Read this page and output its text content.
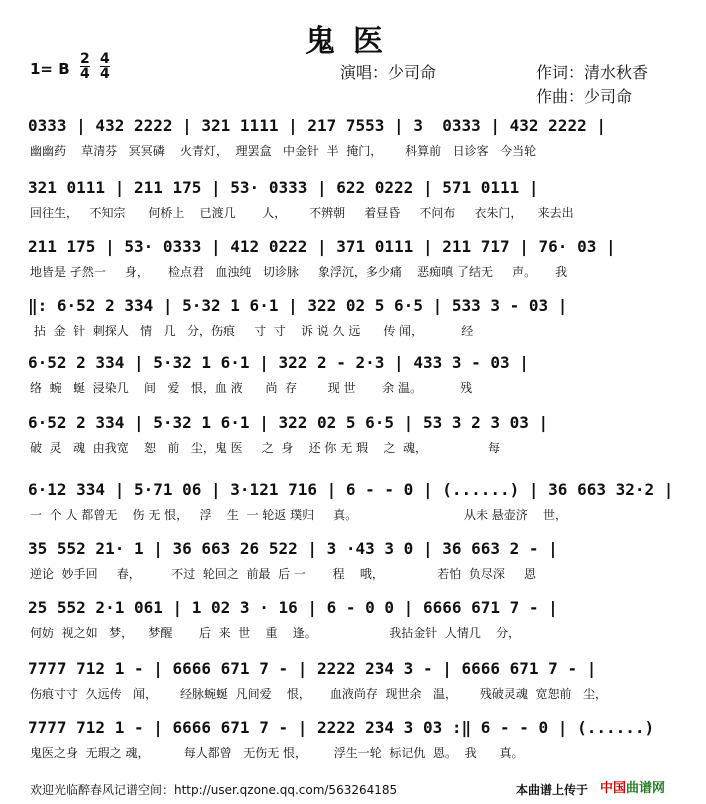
鬼医
1= B $\frac{2}{4} \frac{4}{4}$	演唱：少司命	作词：清水秋香
作曲：少司命
0333 | 432 2222 | 321 1111 | 217 7553 | 3  0333 | 432 2222 |
幽幽药    草清芬   冥冥磷    火青灯，  理罢盒   中金针  半  掩门，      科算前   日诊客   今当轮
321 0111 | 211 175 | 53· 0333 | 622 0222 | 571 0111 |
回往生，   不知宗      何桥上    已渡几       人，      不辨朝     着昼昏     不问布     衣朱门，    来去出
211 175 | 53· 0333 | 412 0222 | 371 0111 | 211 717 | 76· 03 |
地皆是 孑然一     身，     检点君   血浊纯   切诊脉     象浮沉，多少痛    恶痴嗔 了结无     声。     我
‖: 6·52 2 334 | 5·32 1 6·1 | 322 02 5 6·5 | 533 3 - 03 |
拈  金  针  刺探人   情   几   分，伤痕     寸  寸    诉 说 久 远      传 闻，          经
6·52 2 334 | 5·32 1 6·1 | 322 2 - 2·3 | 433 3 - 03 |
络  蜿   蜒  浸染几    间   爱   恨，血 液      尚  存        现 世       余 温。          残
6·52 2 334 | 5·32 1 6·1 | 322 02 5 6·5 | 53 3 2 3 03 |
破  灵   魂  由我宽    恕   前   尘，鬼 医     之  身    还 你 无 瑕    之  魂，                每
6·12 334 | 5·71 06 | 3·121 716 | 6 - - 0 | (......) | 36 663 32·2 |
一  个 人 都曾无    伤 无 恨，   浮    生  一 轮返 璞归     真。                            从未 悬壶济    世，
35 552 21· 1 | 36 663 26 522 | 3 ·43 3 0 | 36 663 2 - |
逆论  妙手回     春，        不过  轮回之  前最  后 一       程    哦，              若怕  负尽深     恩
25 552 2·1 061 | 1 02 3 · 16 | 6 - 0 0 | 6666 671 7 - |
何妨  视之如   梦，    梦醒       后  来  世    重    逢。                   我拈金针  人情几    分，
7777 712 1 - | 6666 671 7 - | 2222 234 3 - | 6666 671 7 - |
伤痕寸寸  久远传   闻，      经脉蜿蜒  凡间爱    恨，     血液尚存  现世余   温，      残破灵魂  宽恕前   尘，
7777 712 1 - | 6666 671 7 - | 2222 234 3 03 :‖ 6 - - 0 | (......)
鬼医之身  无瑕之 魂，         每人都曾   无伤无 恨，       浮生一轮  标记仇  恩。  我      真。
欢迎光临醉春风记谱空间：http://user.qzone.qq.com/563264185	本曲谱上传于 中国曲谱网
